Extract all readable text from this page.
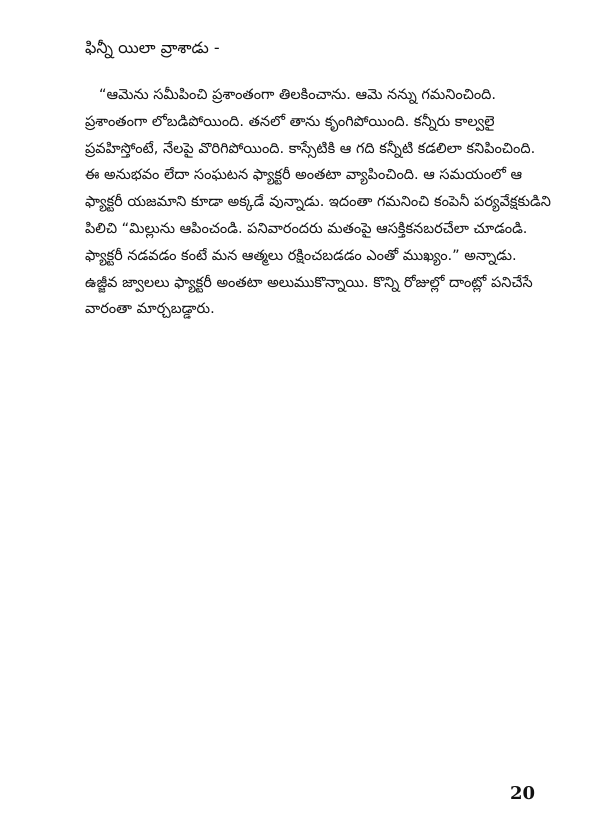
ఫిన్నీ యిలా వ్రాశాడు -
“ఆమెను సమీపించి ప్రశాంతంగా తిలకించాను. ఆమె నన్ను గమనించింది.
ప్రశాంతంగా లోబడిపోయింది. తనలో తాను కృంగిపోయింది. కన్నీరు కాల్వలై
ప్రవహిస్తోంటే, నేలపై వొరిగిపోయింది. కాస్సేటికి ఆ గది కన్నీటి కడలిలా కనిపించింది.
ఈ అనుభవం లేదా సంఘటన ఫ్యాక్టరీ అంతటా వ్యాపించింది. ఆ సమయంలో ఆ
ఫ్యాక్టరీ యజమాని కూడా అక్కడే వున్నాడు. ఇదంతా గమనించి కంపెనీ పర్యవేక్షకుడిని
పిలిచి “మిల్లును ఆపించండి. పనివారందరు మతంపై ఆసక్తికనబరచేలా చూడండి.
ఫ్యాక్టరీ నడవడం కంటే మన ఆత్మలు రక్షించబడడం ఎంతో ముఖ్యం.” అన్నాడు.
ఉజ్జీవ జ్వాలలు ఫ్యాక్టరీ అంతటా అలుముకొన్నాయి. కొన్ని రోజుల్లో దాంట్లో పనిచేసే
వారంతా మార్చబడ్డారు.
20
